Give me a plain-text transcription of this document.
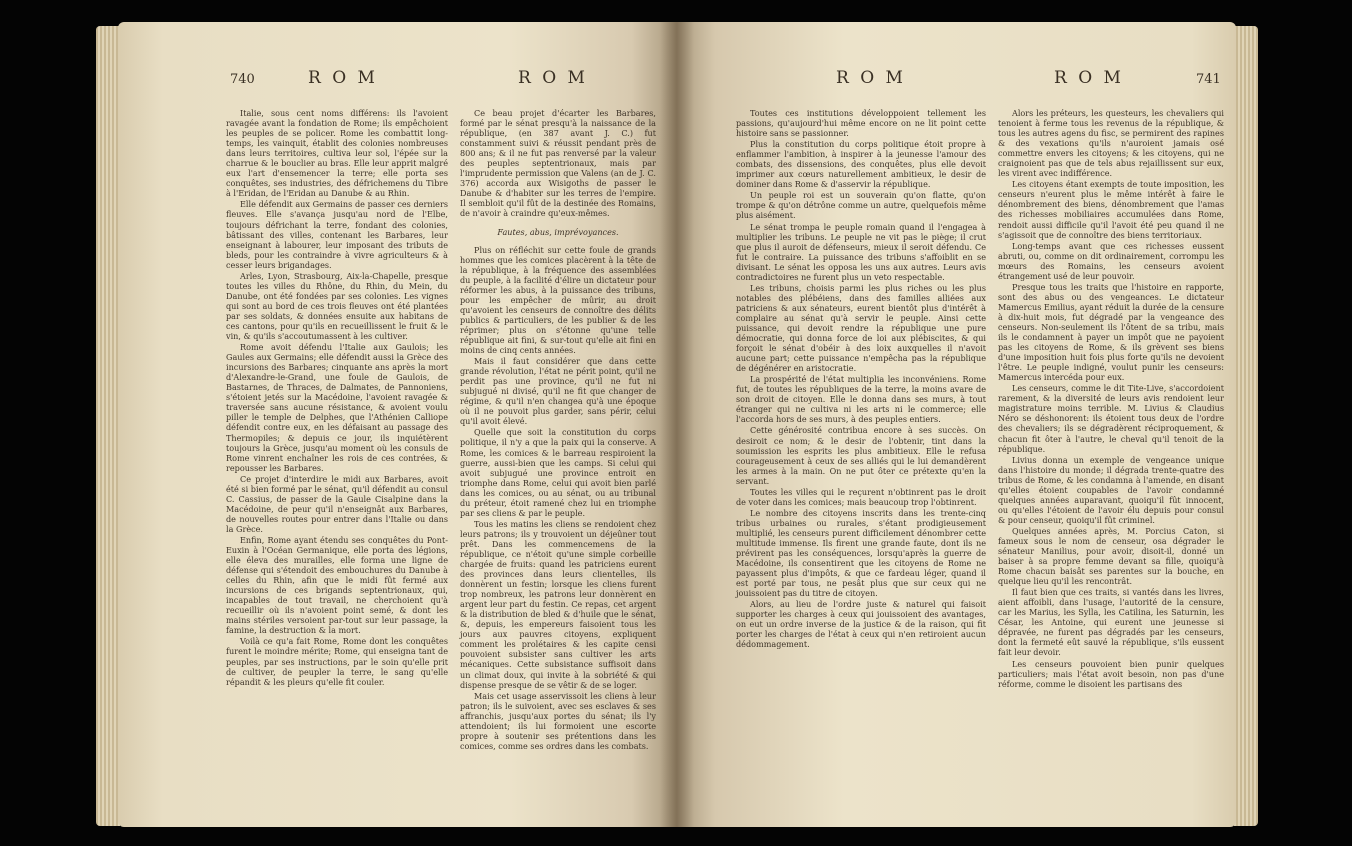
740	R O M	R O M

Italie, sous cent noms différens: ils l'avoient ravagée avant la fondation de Rome; ils empêchoient les peuples de se policer. Rome les combattit long-temps, les vainquit, établit des colonies nombreuses dans leurs territoires, cultiva leur sol, l'épée sur la charrue & le bouclier au bras. Elle leur apprit malgré eux l'art d'ensemencer la terre; elle porta ses conquêtes, ses industries, des défrichemens du Tibre à l'Eridan, de l'Eridan au Danube & au Rhin.

Elle défendit aux Germains de passer ces derniers fleuves. Elle s'avança jusqu'au nord de l'Elbe, toujours défrichant la terre, fondant des colonies, bâtissant des villes, contenant les Barbares, leur enseignant à labourer, leur imposant des tributs de bleds, pour les contraindre à vivre agriculteurs & à cesser leurs brigandages.

Arles, Lyon, Strasbourg, Aix-la-Chapelle, presque toutes les villes du Rhône, du Rhin, du Mein, du Danube, ont été fondées par ses colonies. Les vignes qui sont au bord de ces trois fleuves ont été plantées par ses soldats, & données ensuite aux habitans de ces cantons, pour qu'ils en recueillissent le fruit & le vin, & qu'ils s'accoutumassent à les cultiver.

Rome avoit défendu l'Italie aux Gaulois; les Gaules aux Germains; elle défendit aussi la Grèce des incursions des Barbares; cinquante ans après la mort d'Alexandre-le-Grand, une foule de Gaulois, de Bastarnes, de Thraces, de Dalmates, de Pannoniens, s'étoient jetés sur la Macédoine, l'avoient ravagée & traversée sans aucune résistance, & avoient voulu piller le temple de Delphes, que l'Athénien Calliope défendit contre eux, en les défaisant au passage des Thermopiles; & depuis ce jour, ils inquiétèrent toujours la Grèce, jusqu'au moment où les consuls de Rome vinrent enchaîner les rois de ces contrées, & repousser les Barbares.

Ce projet d'interdire le midi aux Barbares, avoit été si bien formé par le sénat, qu'il défendit au consul C. Cassius, de passer de la Gaule Cisalpine dans la Macédoine, de peur qu'il n'enseignât aux Barbares, de nouvelles routes pour entrer dans l'Italie ou dans la Grèce.

Enfin, Rome ayant étendu ses conquêtes du Pont-Euxin à l'Océan Germanique, elle porta des légions, elle éleva des murailles, elle forma une ligne de défense qui s'étendoit des embouchures du Danube à celles du Rhin, afin que le midi fût fermé aux incursions de ces brigands septentrionaux, qui, incapables de tout travail, ne cherchoient qu'à recueillir où ils n'avoient point semé, & dont les mains stériles versoient par-tout sur leur passage, la famine, la destruction & la mort.

Voilà ce qu'a fait Rome, Rome dont les conquêtes furent le moindre mérite; Rome, qui enseigna tant de peuples, par ses instructions, par le soin qu'elle prit de cultiver, de peupler la terre, le sang qu'elle répandit & les pleurs qu'elle fit couler.

Ce beau projet d'écarter les Barbares, formé par le sénat presqu'à la naissance de la république, (en 387 avant J. C.) fut constamment suivi & réussit pendant près de 800 ans; & il ne fut pas renversé par la valeur des peuples septentrionaux, mais par l'imprudente permission que Valens (an de J. C. 376) accorda aux Wisigoths de passer le Danube & d'habiter sur les terres de l'empire. Il sembloit qu'il fût de la destinée des Romains, de n'avoir à craindre qu'eux-mêmes.

Fautes, abus, imprévoyances.

Plus on réfléchit sur cette foule de grands hommes que les comices placèrent à la tête de la république, à la fréquence des assemblées du peuple, à la facilité d'élire un dictateur pour réformer les abus, à la puissance des tribuns, pour les empêcher de mûrir, au droit qu'avoient les censeurs de connoître des délits publics & particuliers, de les publier & de les réprimer; plus on s'étonne qu'une telle république ait fini, & sur-tout qu'elle ait fini en moins de cinq cents années.

Mais il faut considérer que dans cette grande révolution, l'état ne périt point, qu'il ne perdit pas une province, qu'il ne fut ni subjugué ni divisé, qu'il ne fit que changer de régime, & qu'il n'en changea qu'à une époque où il ne pouvoit plus garder, sans périr, celui qu'il avoit élevé.

Quelle que soit la constitution du corps politique, il n'y a que la paix qui la conserve. A Rome, les comices & le barreau respiroient la guerre, aussi-bien que les camps. Si celui qui avoit subjugué une province entroit en triomphe dans Rome, celui qui avoit bien parlé dans les comices, ou au sénat, ou au tribunal du préteur, étoit ramené chez lui en triomphe par ses cliens & par le peuple.

Tous les matins les cliens se rendoient chez leurs patrons; ils y trouvoient un déjeûner tout prêt. Dans les commencemens de la république, ce n'étoit qu'une simple corbeille chargée de fruits: quand les patriciens eurent des provinces dans leurs clientelles, ils donnèrent un festin; lorsque les cliens furent trop nombreux, les patrons leur donnèrent en argent leur part du festin. Ce repas, cet argent & la distribution de bled & d'huile que le sénat, &, depuis, les empereurs faisoient tous les jours aux pauvres citoyens, expliquent comment les prolétaires & les capite censi pouvoient subsister sans cultiver les arts mécaniques. Cette subsistance suffisoit dans un climat doux, qui invite à la sobriété & qui dispense presque de se vêtir & de se loger.

Mais cet usage asservissoit les cliens à leur patron; ils le suivoient, avec ses esclaves & ses affranchis, jusqu'aux portes du sénat; ils l'y attendoient; ils lui formoient une escorte propre à soutenir ses prétentions dans les comices, comme ses ordres dans les combats.

R O M	R O M	741

Toutes ces institutions développoient tellement les passions, qu'aujourd'hui même encore on ne lit point cette histoire sans se passionner.

Plus la constitution du corps politique étoit propre à enflammer l'ambition, à inspirer à la jeunesse l'amour des combats, des dissensions, des conquêtes, plus elle devoit imprimer aux cœurs naturellement ambitieux, le desir de dominer dans Rome & d'asservir la république.

Un peuple roi est un souverain qu'on flatte, qu'on trompe & qu'on détrône comme un autre, quelquefois même plus aisément.

Le sénat trompa le peuple romain quand il l'engagea à multiplier les tribuns. Le peuple ne vit pas le piège; il crut que plus il auroit de défenseurs, mieux il seroit défendu. Ce fut le contraire. La puissance des tribuns s'affoiblit en se divisant. Le sénat les opposa les uns aux autres. Leurs avis contradictoires ne furent plus un veto respectable.

Les tribuns, choisis parmi les plus riches ou les plus notables des plébéiens, dans des familles alliées aux patriciens & aux sénateurs, eurent bientôt plus d'intérêt à complaire au sénat qu'à servir le peuple. Ainsi cette puissance, qui devoit rendre la république une pure démocratie, qui donna force de loi aux plébiscites, & qui forçoit le sénat d'obéir à des loix auxquelles il n'avoit aucune part; cette puissance n'empêcha pas la république de dégénérer en aristocratie.

La prospérité de l'état multiplia les inconvéniens. Rome fut, de toutes les républiques de la terre, la moins avare de son droit de citoyen. Elle le donna dans ses murs, à tout étranger qui ne cultiva ni les arts ni le commerce; elle l'accorda hors de ses murs, à des peuples entiers.

Cette générosité contribua encore à ses succès. On desiroit ce nom; & le desir de l'obtenir, tint dans la soumission les esprits les plus ambitieux. Elle le refusa courageusement à ceux de ses alliés qui le lui demandèrent les armes à la main. On ne put ôter ce prétexte qu'en la servant.

Toutes les villes qui le reçurent n'obtinrent pas le droit de voter dans les comices; mais beaucoup trop l'obtinrent.

Le nombre des citoyens inscrits dans les trente-cinq tribus urbaines ou rurales, s'étant prodigieusement multiplié, les censeurs purent difficilement dénombrer cette multitude immense. Ils firent une grande faute, dont ils ne prévirent pas les conséquences, lorsqu'après la guerre de Macédoine, ils consentirent que les citoyens de Rome ne payassent plus d'impôts, & que ce fardeau léger, quand il est porté par tous, ne pesât plus que sur ceux qui ne jouissoient pas du titre de citoyen.

Alors, au lieu de l'ordre juste & naturel qui faisoit supporter les charges à ceux qui jouissoient des avantages, on eut un ordre inverse de la justice & de la raison, qui fit porter les charges de l'état à ceux qui n'en retiroient aucun dédommagement.

Alors les préteurs, les questeurs, les chevaliers qui tenoient à ferme tous les revenus de la république, & tous les autres agens du fisc, se permirent des rapines & des vexations qu'ils n'auroient jamais osé commettre envers les citoyens; & les citoyens, qui ne craignoient pas que de tels abus rejaillissent sur eux, les virent avec indifférence.

Les citoyens étant exempts de toute imposition, les censeurs n'eurent plus le même intérêt à faire le dénombrement des biens, dénombrement que l'amas des richesses mobiliaires accumulées dans Rome, rendoit aussi difficile qu'il l'avoit été peu quand il ne s'agissoit que de connoître des biens territoriaux.

Long-temps avant que ces richesses eussent abruti, ou, comme on dit ordinairement, corrompu les mœurs des Romains, les censeurs avoient étrangement usé de leur pouvoir.

Presque tous les traits que l'histoire en rapporte, sont des abus ou des vengeances. Le dictateur Mamercus Emilius, ayant réduit la durée de la censure à dix-huit mois, fut dégradé par la vengeance des censeurs. Non-seulement ils l'ôtent de sa tribu, mais ils le condamnent à payer un impôt que ne payoient pas les citoyens de Rome, & ils grèvent ses biens d'une imposition huit fois plus forte qu'ils ne devoient l'être. Le peuple indigné, voulut punir les censeurs: Mamercus intercéda pour eux.

Les censeurs, comme le dit Tite-Live, s'accordoient rarement, & la diversité de leurs avis rendoient leur magistrature moins terrible. M. Livius & Claudius Néro se déshonorent: ils étoient tous deux de l'ordre des chevaliers; ils se dégradèrent réciproquement, & chacun fit ôter à l'autre, le cheval qu'il tenoit de la république.

Livius donna un exemple de vengeance unique dans l'histoire du monde; il dégrada trente-quatre des tribus de Rome, & les condamna à l'amende, en disant qu'elles étoient coupables de l'avoir condamné quelques années auparavant, quoiqu'il fût innocent, ou qu'elles l'étoient de l'avoir élu depuis pour consul & pour censeur, quoiqu'il fût criminel.

Quelques années après, M. Porcius Caton, si fameux sous le nom de censeur, osa dégrader le sénateur Manilius, pour avoir, disoit-il, donné un baiser à sa propre femme devant sa fille, quoiqu'à Rome chacun baisât ses parentes sur la bouche, en quelque lieu qu'il les rencontrât.

Il faut bien que ces traits, si vantés dans les livres, aient affoibli, dans l'usage, l'autorité de la censure, car les Marius, les Sylla, les Catilina, les Saturnin, les César, les Antoine, qui eurent une jeunesse si dépravée, ne furent pas dégradés par les censeurs, dont la fermeté eût sauvé la république, s'ils eussent fait leur devoir.

Les censeurs pouvoient bien punir quelques particuliers; mais l'état avoit besoin, non pas d'une réforme, comme le disoient les partisans des
